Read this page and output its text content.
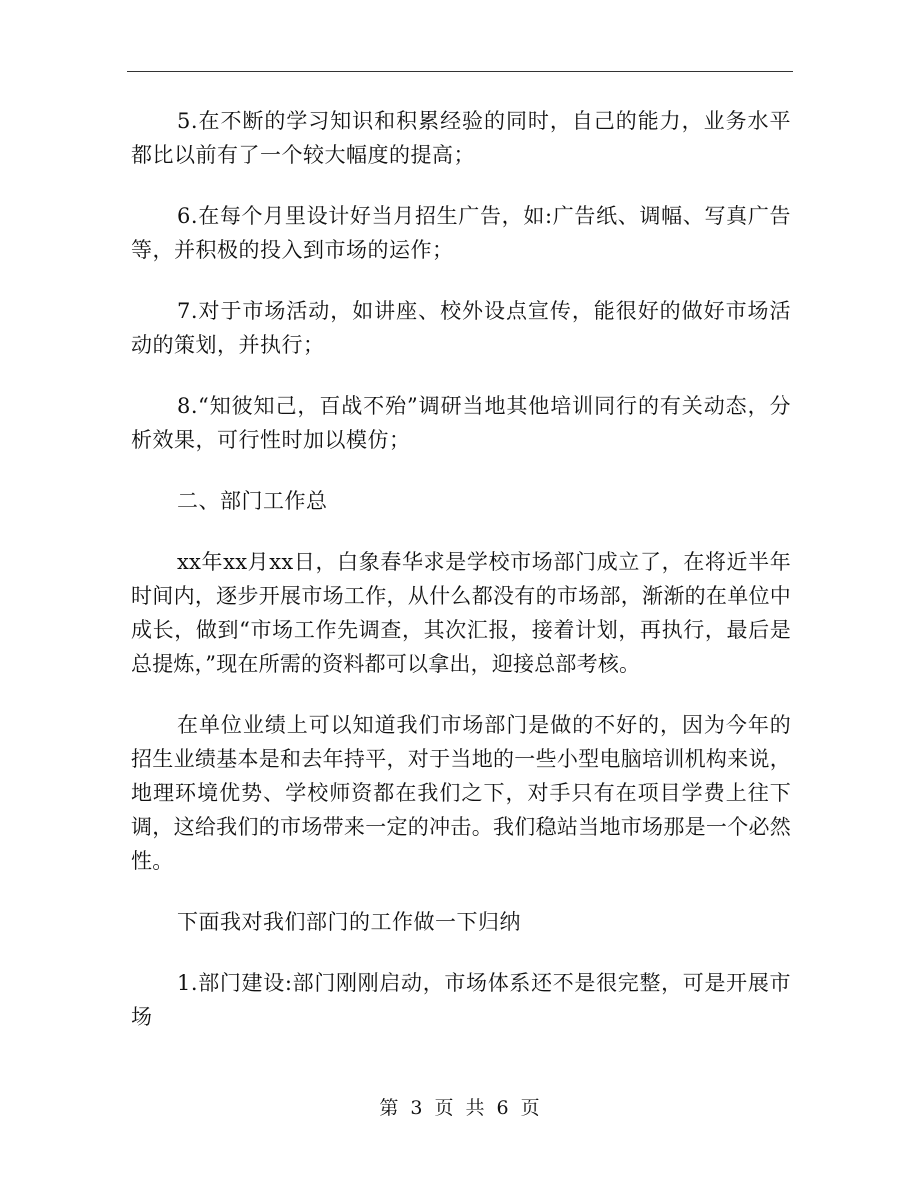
5.在不断的学习知识和积累经验的同时，自己的能力，业务水平都比以前有了一个较大幅度的提高；

6.在每个月里设计好当月招生广告，如:广告纸、调幅、写真广告等，并积极的投入到市场的运作；

7.对于市场活动，如讲座、校外设点宣传，能很好的做好市场活动的策划，并执行；

8.“知彼知己，百战不殆”调研当地其他培训同行的有关动态，分析效果，可行性时加以模仿；

二、部门工作总

xx年xx月xx日，白象春华求是学校市场部门成立了，在将近半年时间内，逐步开展市场工作，从什么都没有的市场部，渐渐的在单位中成长，做到“市场工作先调查，其次汇报，接着计划，再执行，最后是总提炼，”现在所需的资料都可以拿出，迎接总部考核。

在单位业绩上可以知道我们市场部门是做的不好的，因为今年的招生业绩基本是和去年持平，对于当地的一些小型电脑培训机构来说，地理环境优势、学校师资都在我们之下，对手只有在项目学费上往下调，这给我们的市场带来一定的冲击。我们稳站当地市场那是一个必然性。

下面我对我们部门的工作做一下归纳

1.部门建设:部门刚刚启动，市场体系还不是很完整，可是开展市场

第 3 页 共 6 页
